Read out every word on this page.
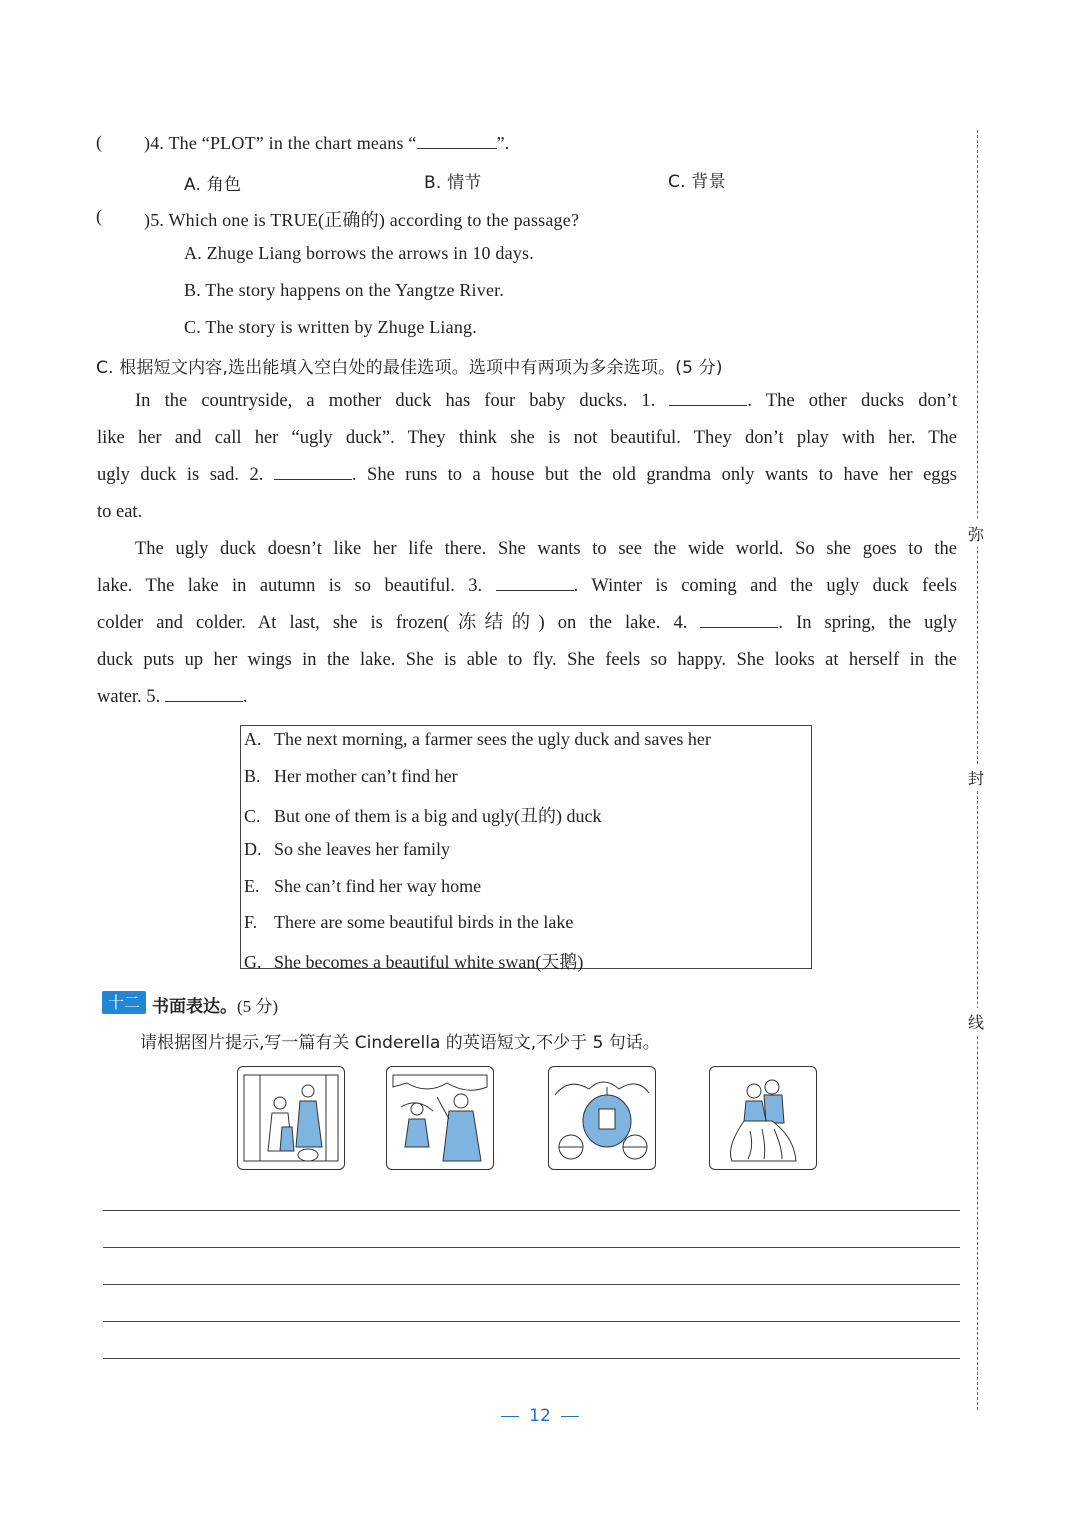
弥
封
线
( )4. The “PLOT” in the chart means “	”.
A. 角色	B. 情节	C. 背景
( )5. Which one is TRUE(正确的) according to the passage?
A. Zhuge Liang borrows the arrows in 10 days.
B. The story happens on the Yangtze River.
C. The story is written by Zhuge Liang.
C. 根据短文内容,选出能填入空白处的最佳选项。选项中有两项为多余选项。(5 分)
In the countryside, a mother duck has four baby ducks. 1.	. The other ducks don’t
like her and call her “ugly duck”. They think she is not beautiful. They don’t play with her. The
ugly duck is sad. 2.	. She runs to a house but the old grandma only wants to have her eggs
to eat.
The ugly duck doesn’t like her life there. She wants to see the wide world. So she goes to the
lake. The lake in autumn is so beautiful. 3.	. Winter is coming and the ugly duck feels
colder and colder. At last, she is frozen(冻结的) on the lake. 4.	. In spring, the ugly
duck puts up her wings in the lake. She is able to fly. She feels so happy. She looks at herself in the
water. 5.	.
A. The next morning, a farmer sees the ugly duck and saves her
B. Her mother can’t find her
C. But one of them is a big and ugly(丑的) duck
D. So she leaves her family
E. She can’t find her way home
F. There are some beautiful birds in the lake
G. She becomes a beautiful white swan(天鹅)
十二 书面表达。(5 分)
请根据图片提示,写一篇有关 Cinderella 的英语短文,不少于 5 句话。
12
